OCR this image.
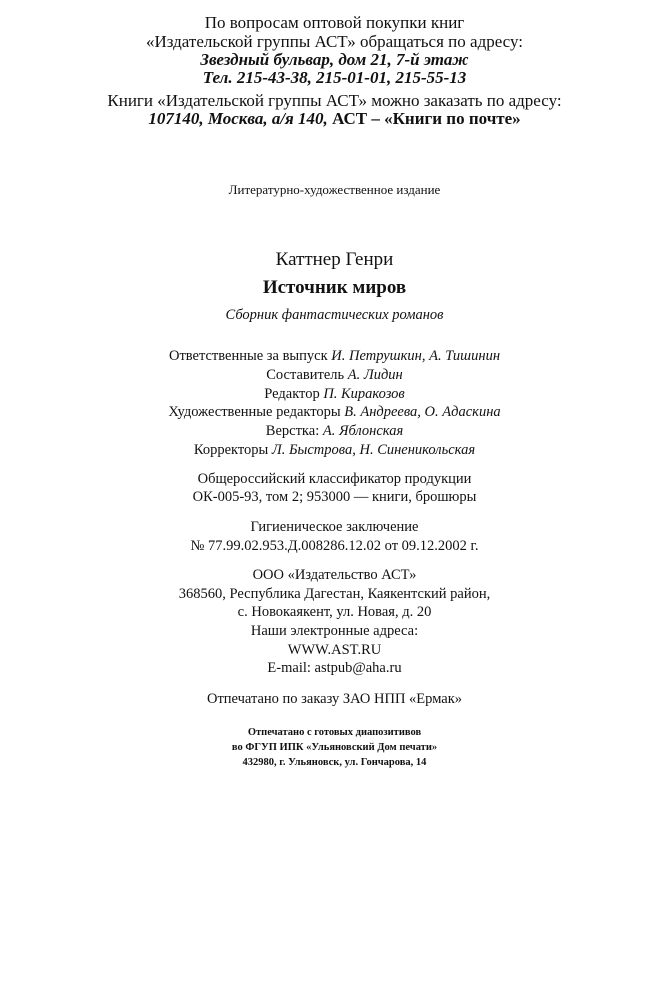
По вопросам оптовой покупки книг
«Издательской группы АСТ» обращаться по адресу:
Звездный бульвар, дом 21, 7-й этаж
Тел. 215-43-38, 215-01-01, 215-55-13
Книги «Издательской группы АСТ» можно заказать по адресу:
107140, Москва, а/я 140, АСТ – «Книги по почте»
Литературно-художественное издание
Каттнер Генри
Источник миров
Сборник фантастических романов
Ответственные за выпуск И. Петрушкин, А. Тишинин
Составитель А. Лидин
Редактор П. Киракозов
Художественные редакторы В. Андреева, О. Адаскина
Верстка: А. Яблонская
Корректоры Л. Быстрова, Н. Синеникольская
Общероссийский классификатор продукции
ОК-005-93, том 2; 953000 — книги, брошюры
Гигиеническое заключение
№ 77.99.02.953.Д.008286.12.02 от 09.12.2002 г.
ООО «Издательство АСТ»
368560, Республика Дагестан, Каякентский район,
с. Новокаякент, ул. Новая, д. 20
Наши электронные адреса:
WWW.AST.RU
E-mail: astpub@aha.ru
Отпечатано по заказу ЗАО НПП «Ермак»
Отпечатано с готовых диапозитивов
во ФГУП ИПК «Ульяновский Дом печати»
432980, г. Ульяновск, ул. Гончарова, 14
